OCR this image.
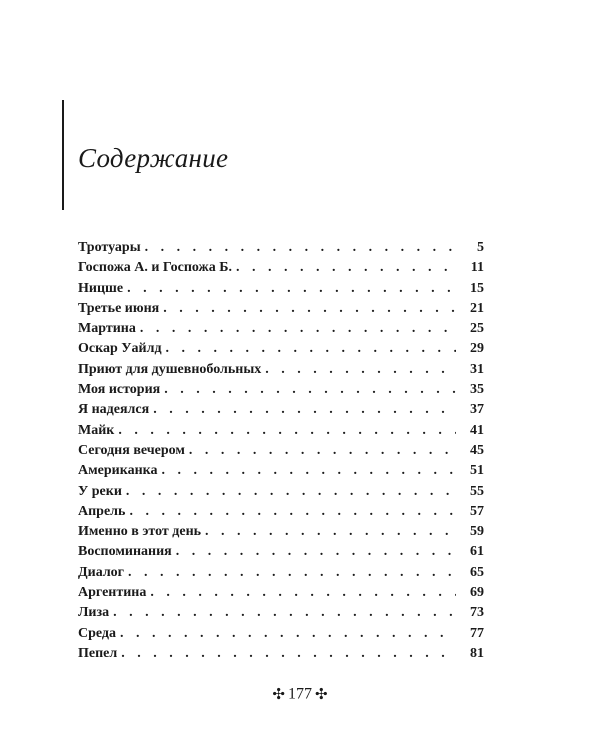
Содержание
Тротуары . . .	5
Госпожа А. и Госпожа Б. . . .	11
Ницше . . .	15
Третье июня . . .	21
Мартина . . .	25
Оскар Уайлд . . .	29
Приют для душевнобольных . . .	31
Моя история . . .	35
Я надеялся . . .	37
Майк . . .	41
Сегодня вечером . . .	45
Американка . . .	51
У реки . . .	55
Апрель . . .	57
Именно в этот день . . .	59
Воспоминания . . .	61
Диалог . . .	65
Аргентина . . .	69
Лиза . . .	73
Среда . . .	77
Пепел . . .	81
✣ 177 ✣
